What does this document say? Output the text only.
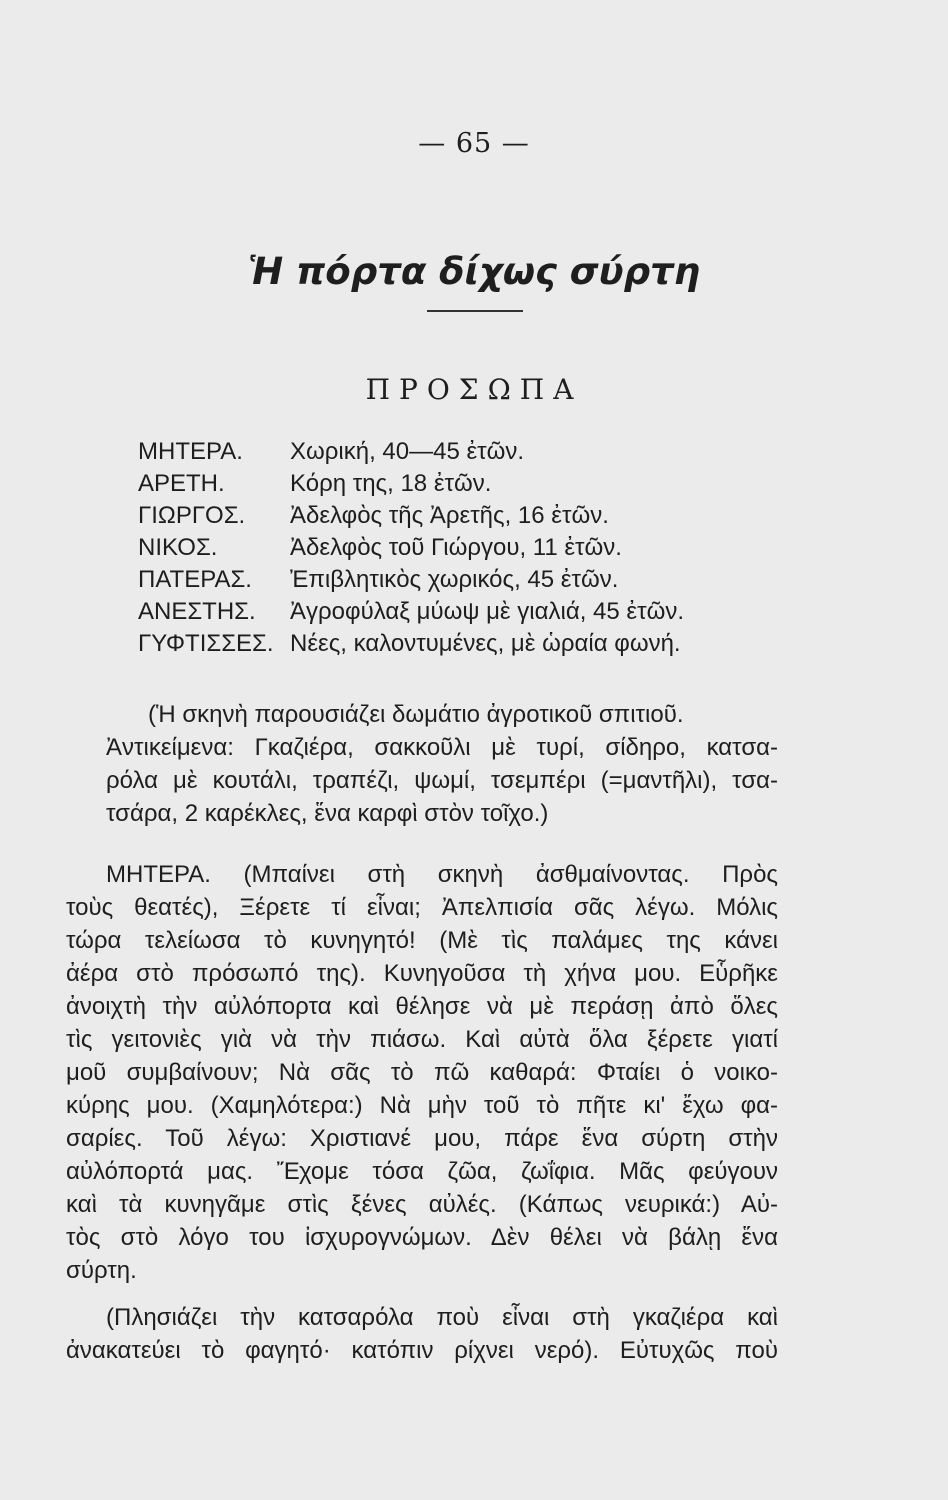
— 65 —
Ἡ πόρτα δίχως σύρτη
ΠΡΟΣΩΠΑ
ΜΗΤΕΡΑ. Χωρική, 40—45 ἐτῶν.
ΑΡΕΤΗ.	Κόρη της, 18 ἐτῶν.
ΓΙΩΡΓΟΣ. Ἀδελφὸς τῆς Ἀρετῆς, 16 ἐτῶν.
ΝΙΚΟΣ.	Ἀδελφὸς τοῦ Γιώργου, 11 ἐτῶν.
ΠΑΤΕΡΑΣ. Ἐπιβλητικὸς χωρικός, 45 ἐτῶν.
ΑΝΕΣΤΗΣ. Ἀγροφύλαξ μύωψ μὲ γιαλιά, 45 ἐτῶν.
ΓΥΦΤΙΣΣΕΣ. Νέες, καλοντυμένες, μὲ ὡραία φωνή.
(Ἡ σκηνὴ παρουσιάζει δωμάτιο ἀγροτικοῦ σπιτιοῦ.
Ἀντικείμενα: Γκαζιέρα, σακκοῦλι μὲ τυρί, σίδηρο, κατσα-
ρόλα μὲ κουτάλι, τραπέζι, ψωμί, τσεμπέρι (=μαντῆλι), τσα-
τσάρα, 2 καρέκλες, ἕνα καρφὶ στὸν τοῖχο.)
ΜΗΤΕΡΑ. (Μπαίνει στὴ σκηνὴ ἀσθμαίνοντας. Πρὸς
τοὺς θεατές), Ξέρετε τί εἶναι; Ἀπελπισία σᾶς λέγω. Μόλις
τώρα τελείωσα τὸ κυνηγητό! (Μὲ τὶς παλάμες της κάνει
ἀέρα στὸ πρόσωπό της). Κυνηγοῦσα τὴ χήνα μου. Εὗρῆκε
ἀνοιχτὴ τὴν αὐλόπορτα καὶ θέλησε νὰ μὲ περάσῃ ἀπὸ ὅλες
τὶς γειτονιὲς γιὰ νὰ τὴν πιάσω. Καὶ αὐτὰ ὅλα ξέρετε γιατί
μοῦ συμβαίνουν; Νὰ σᾶς τὸ πῶ καθαρά: Φταίει ὁ νοικο-
κύρης μου. (Χαμηλότερα:) Νὰ μὴν τοῦ τὸ πῆτε κι' ἔχω φα-
σαρίες. Τοῦ λέγω: Χριστιανέ μου, πάρε ἕνα σύρτη στὴν
αὐλόπορτά μας. Ἔχομε τόσα ζῶα, ζωΐφια. Μᾶς φεύγουν
καὶ τὰ κυνηγᾶμε στὶς ξένες αὐλές. (Κάπως νευρικά:) Αὐ-
τὸς στὸ λόγο του ἰσχυρογνώμων. Δὲν θέλει νὰ βάλῃ ἕνα
σύρτη.
(Πλησιάζει τὴν κατσαρόλα ποὺ εἶναι στὴ γκαζιέρα καὶ
ἀνακατεύει τὸ φαγητό· κατόπιν ρίχνει νερό). Εὐτυχῶς ποὺ
